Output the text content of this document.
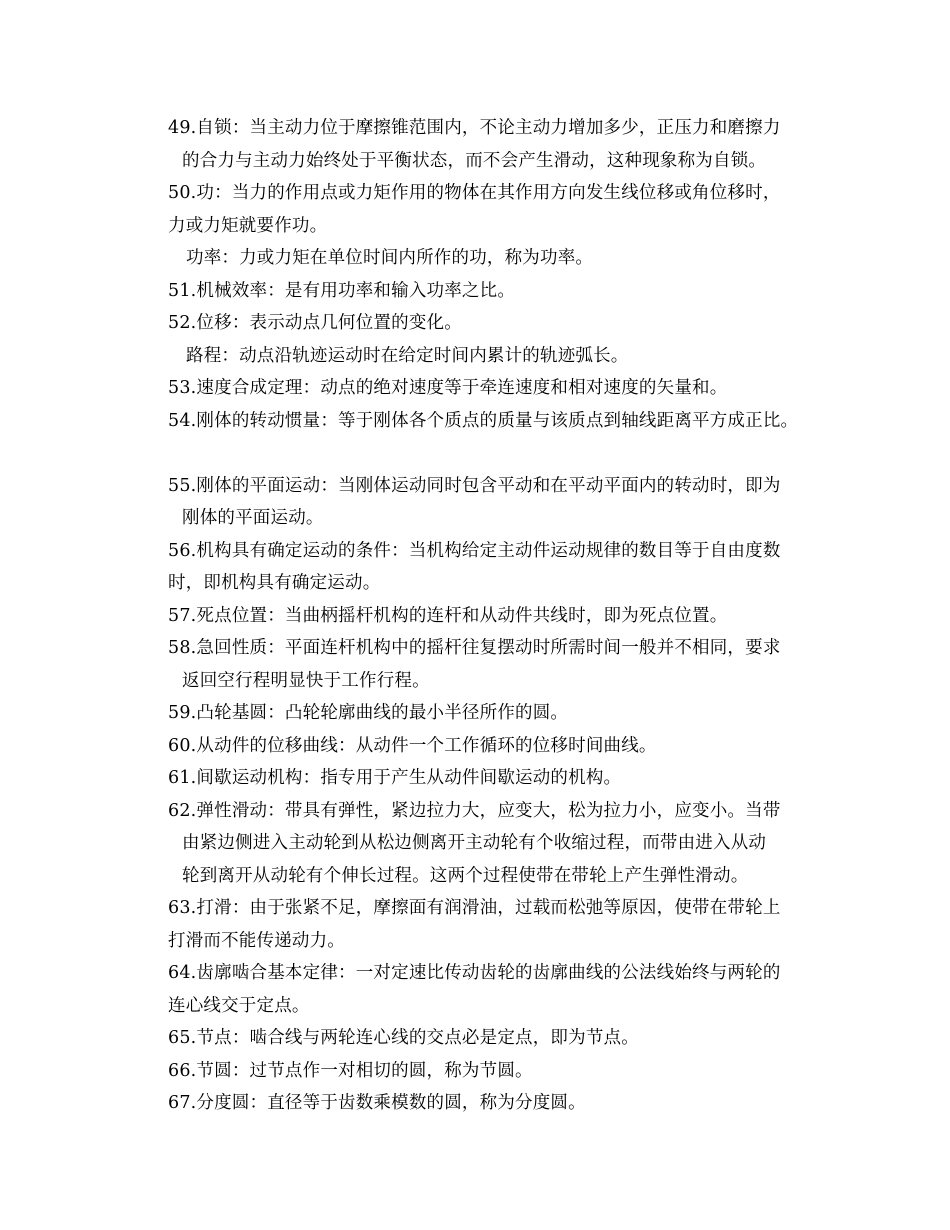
49.自锁：当主动力位于摩擦锥范围内，不论主动力增加多少，正压力和磨擦力
的合力与主动力始终处于平衡状态，而不会产生滑动，这种现象称为自锁。
50.功：当力的作用点或力矩作用的物体在其作用方向发生线位移或角位移时，
力或力矩就要作功。
功率：力或力矩在单位时间内所作的功，称为功率。
51.机械效率：是有用功率和输入功率之比。
52.位移：表示动点几何位置的变化。
路程：动点沿轨迹运动时在给定时间内累计的轨迹弧长。
53.速度合成定理：动点的绝对速度等于牵连速度和相对速度的矢量和。
54.刚体的转动惯量：等于刚体各个质点的质量与该质点到轴线距离平方成正比。
55.刚体的平面运动：当刚体运动同时包含平动和在平动平面内的转动时，即为
刚体的平面运动。
56.机构具有确定运动的条件：当机构给定主动件运动规律的数目等于自由度数
时，即机构具有确定运动。
57.死点位置：当曲柄摇杆机构的连杆和从动件共线时，即为死点位置。
58.急回性质：平面连杆机构中的摇杆往复摆动时所需时间一般并不相同，要求
返回空行程明显快于工作行程。
59.凸轮基圆：凸轮轮廓曲线的最小半径所作的圆。
60.从动件的位移曲线：从动件一个工作循环的位移时间曲线。
61.间歇运动机构：指专用于产生从动件间歇运动的机构。
62.弹性滑动：带具有弹性，紧边拉力大，应变大，松为拉力小，应变小。当带
由紧边侧进入主动轮到从松边侧离开主动轮有个收缩过程，而带由进入从动
轮到离开从动轮有个伸长过程。这两个过程使带在带轮上产生弹性滑动。
63.打滑：由于张紧不足，摩擦面有润滑油，过载而松弛等原因，使带在带轮上
打滑而不能传递动力。
64.齿廓啮合基本定律：一对定速比传动齿轮的齿廓曲线的公法线始终与两轮的
连心线交于定点。
65.节点：啮合线与两轮连心线的交点必是定点，即为节点。
66.节圆：过节点作一对相切的圆，称为节圆。
67.分度圆：直径等于齿数乘模数的圆，称为分度圆。
